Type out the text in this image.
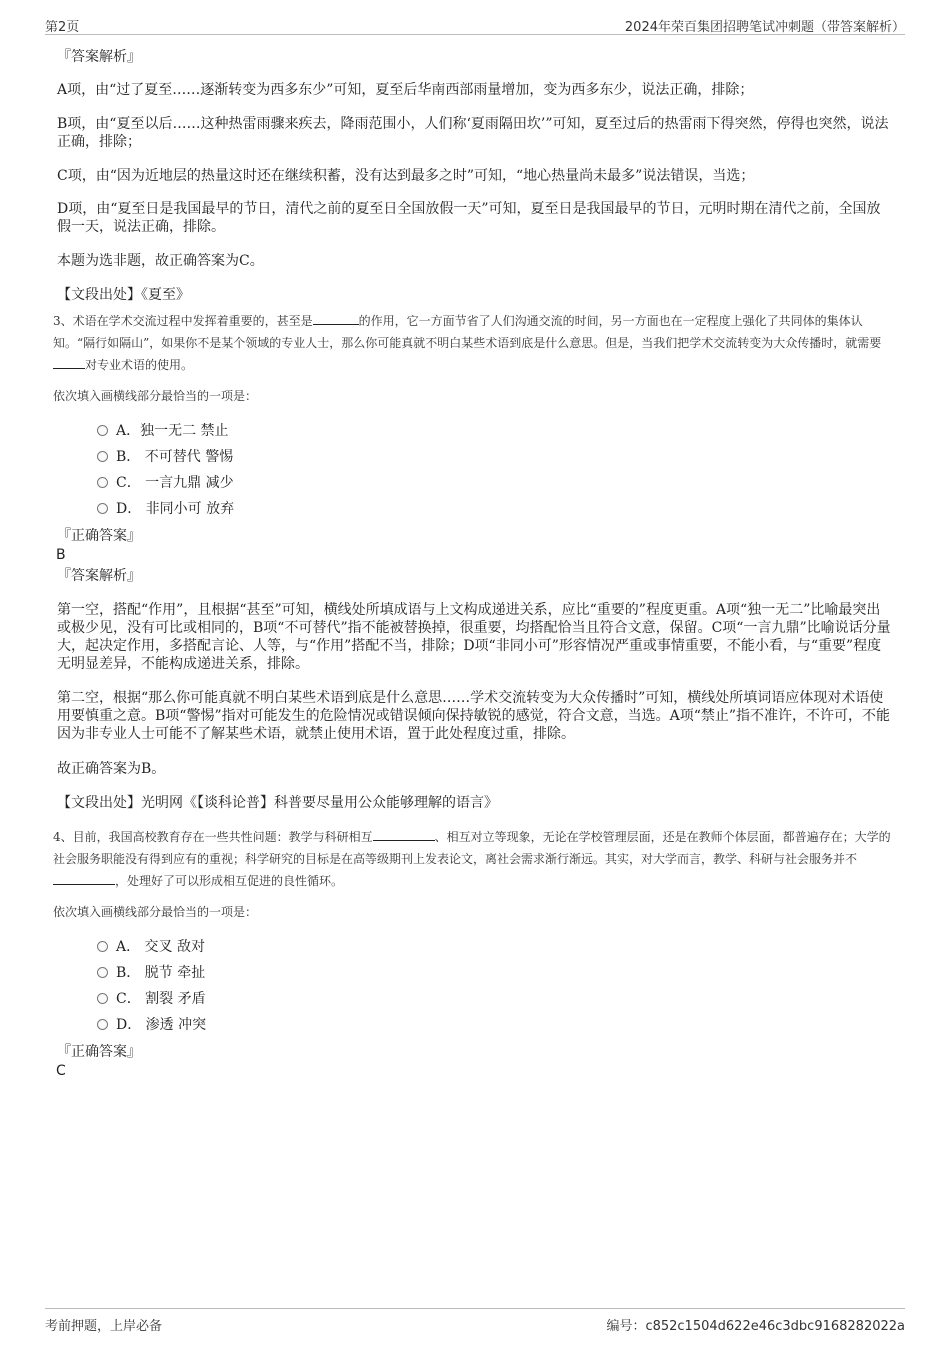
第2页	2024年荣百集团招聘笔试冲刺题（带答案解析）
『答案解析』
A项，由“过了夏至……逐渐转变为西多东少”可知，夏至后华南西部雨量增加，变为西多东少，说法正确，排除；
B项，由“夏至以后……这种热雷雨骤来疾去，降雨范围小，人们称‘夏雨隔田坎’”可知，夏至过后的热雷雨下得突然，停得也突然，说法正确，排除；
C项，由“因为近地层的热量这时还在继续积蓄，没有达到最多之时”可知，“地心热量尚未最多”说法错误，当选；
D项，由“夏至日是我国最早的节日，清代之前的夏至日全国放假一天”可知，夏至日是我国最早的节日，元明时期在清代之前，全国放假一天，说法正确，排除。
本题为选非题，故正确答案为C。
【文段出处】《夏至》
3、术语在学术交流过程中发挥着重要的，甚至是	的作用，它一方面节省了人们沟通交流的时间，另一方面也在一定程度上强化了共同体的集体认知。“隔行如隔山”，如果你不是某个领域的专业人士，那么你可能真就不明白某些术语到底是什么意思。但是，当我们把学术交流转变为大众传播时，就需要对专业术语的使用。
依次填入画横线部分最恰当的一项是：
A．独一无二 禁止
B． 不可替代 警惕
C． 一言九鼎 减少
D． 非同小可 放弃
『正确答案』
B
『答案解析』
第一空，搭配“作用”，且根据“甚至”可知，横线处所填成语与上文构成递进关系，应比“重要的”程度更重。A项“独一无二”比喻最突出或极少见，没有可比或相同的，B项“不可替代”指不能被替换掉，很重要，均搭配恰当且符合文意，保留。C项“一言九鼎”比喻说话分量大，起决定作用，多搭配言论、人等，与“作用”搭配不当，排除；D项“非同小可”形容情况严重或事情重要，不能小看，与“重要”程度无明显差异，不能构成递进关系，排除。
第二空，根据“那么你可能真就不明白某些术语到底是什么意思……学术交流转变为大众传播时”可知，横线处所填词语应体现对术语使用要慎重之意。B项“警惕”指对可能发生的危险情况或错误倾向保持敏锐的感觉，符合文意，当选。A项“禁止”指不准许，不许可，不能因为非专业人士可能不了解某些术语，就禁止使用术语，置于此处程度过重，排除。
故正确答案为B。
【文段出处】光明网《【谈科论普】科普要尽量用公众能够理解的语言》
4、目前，我国高校教育存在一些共性问题：教学与科研相互	、相互对立等现象，无论在学校管理层面，还是在教师个体层面，都普遍存在；大学的社会服务职能没有得到应有的重视；科学研究的目标是在高等级期刊上发表论文，离社会需求渐行渐远。其实，对大学而言，教学、科研与社会服务并不，处理好了可以形成相互促进的良性循环。
依次填入画横线部分最恰当的一项是：
A． 交叉 敌对
B． 脱节 牵扯
C． 割裂 矛盾
D． 渗透 冲突
『正确答案』
C
考前押题，上岸必备	编号：c852c1504d622e46c3dbc9168282022a
